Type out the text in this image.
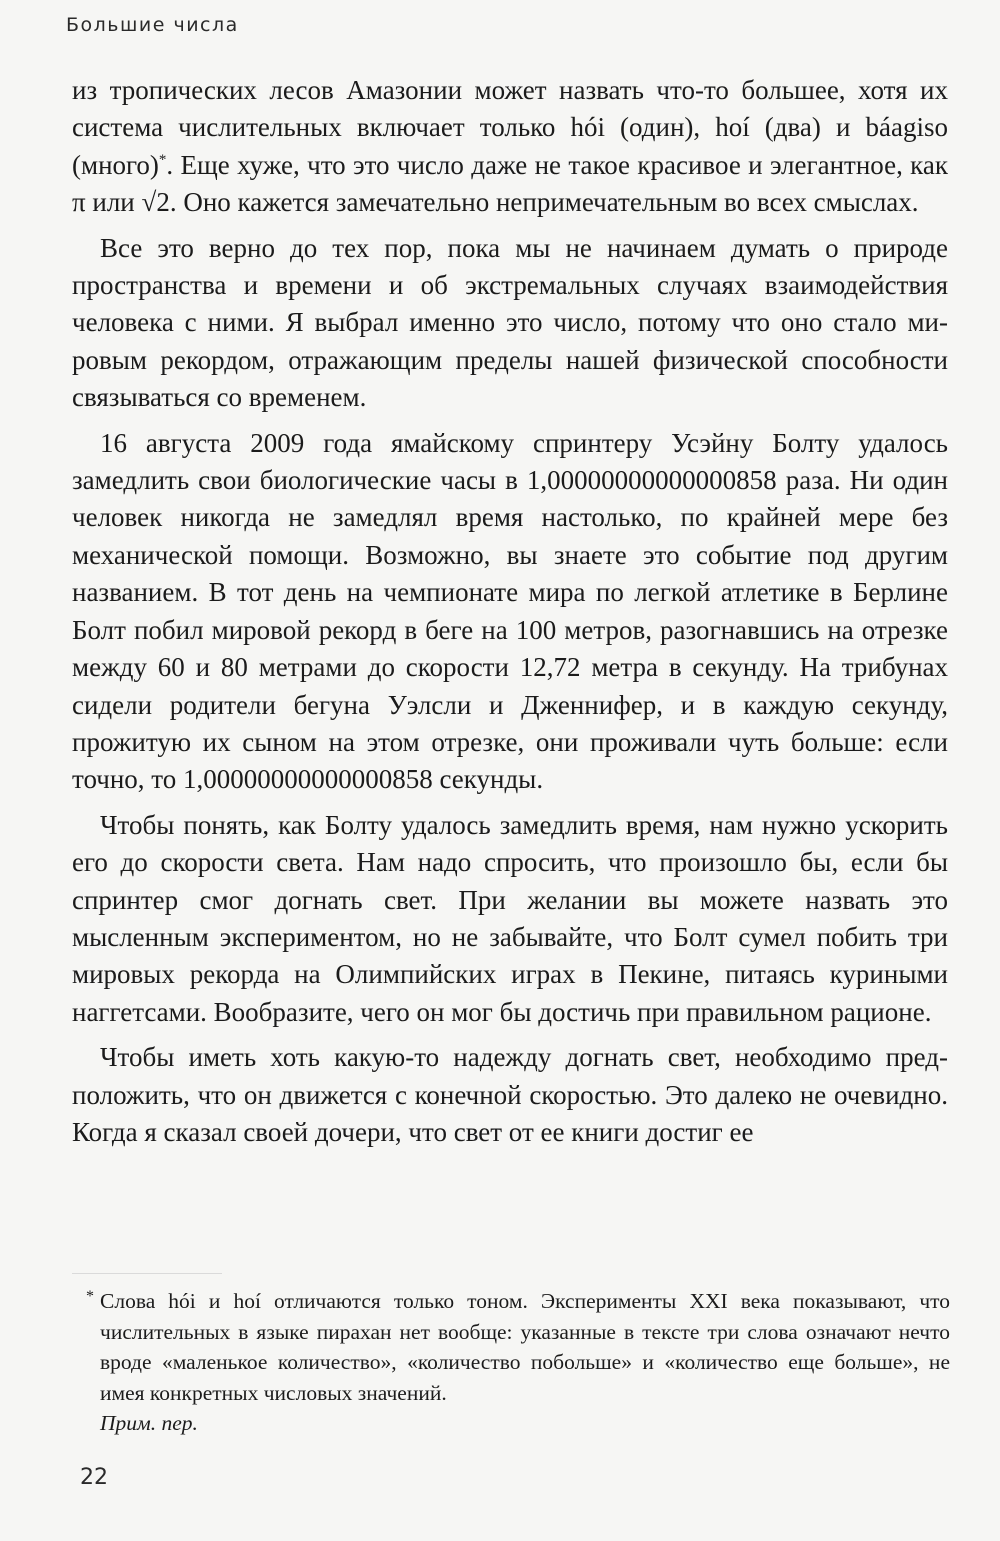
Большие числа

из тропических лесов Амазонии может назвать что-то большее, хотя их система числительных включает только hói (один), hoí (два) и báagiso (много)*. Еще хуже, что это число даже не такое красивое и элегантное, как π или √2. Оно кажется замечательно непримечательным во всех смыслах.

Все это верно до тех пор, пока мы не начинаем думать о природе пространства и времени и об экстремальных случаях взаимодействия человека с ними. Я выбрал именно это число, потому что оно стало мировым рекордом, отражающим пределы нашей физической способности связываться со временем.

16 августа 2009 года ямайскому спринтеру Усэйну Болту удалось замедлить свои биологические часы в 1,00000000000000858 раза. Ни один человек никогда не замедлял время настолько, по крайней мере без механической помощи. Возможно, вы знаете это событие под другим названием. В тот день на чемпионате мира по легкой атлетике в Берлине Болт побил мировой рекорд в беге на 100 метров, разогнавшись на отрезке между 60 и 80 метрами до скорости 12,72 метра в секунду. На трибунах сидели родители бегуна Уэлсли и Дженнифер, и в каждую секунду, прожитую их сыном на этом отрезке, они проживали чуть больше: если точно, то 1,00000000000000858 секунды.

Чтобы понять, как Болту удалось замедлить время, нам нужно ускорить его до скорости света. Нам надо спросить, что произошло бы, если бы спринтер смог догнать свет. При желании вы можете назвать это мысленным экспериментом, но не забывайте, что Болт сумел побить три мировых рекорда на Олимпийских играх в Пекине, питаясь куриными наггетсами. Вообразите, чего он мог бы достичь при правильном рационе.

Чтобы иметь хоть какую-то надежду догнать свет, необходимо предположить, что он движется с конечной скоростью. Это далеко не очевидно. Когда я сказал своей дочери, что свет от ее книги достиг ее

* Слова hói и hoí отличаются только тоном. Эксперименты XXI века показывают, что числительных в языке пирахан нет вообще: указанные в тексте три слова означают нечто вроде «маленькое количество», «количество побольше» и «количество еще больше», не имея конкретных числовых значений.
Прим. пер.
22
